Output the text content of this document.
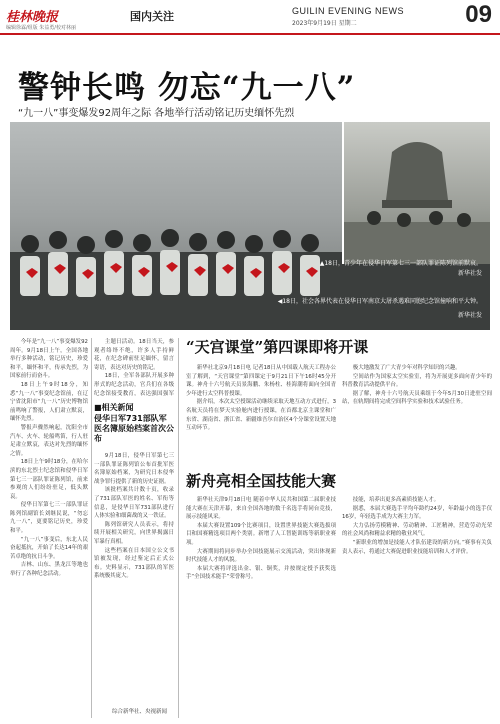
桂林晚报	国内关注	GUILIN EVENING NEWS
2023年9月19日 星期二	09
编辑徐霖/组版 朱益勇/校对林丽
警钟长鸣 勿忘“九一八”
“九一八”事变爆发92周年之际 各地举行活动铭记历史缅怀先烈
▲18日，青少年在侵华日军第七三一部队罪证陈列馆前默哀。
新华社发
◀18日，社会各界代表在侵华日军南京大屠杀遇难同胞纪念馆撞响和平大钟。
新华社发

今年是“九一八”事变爆发92周年。9月18日上午，全国各地举行多种活动，铭记历史，珍爱和平，缅怀和平，传承先烈，为国家前行而奋斗。

18日上午9时18分，知悉“九一八”事变纪念馆前，在辽宁省沈阳市“九一八”历史博物馆前鸣响了警报，人们肃立默哀，缅怀先烈。

警报声骤然响起，沈阳全市汽车、火车、轮船鸣笛，行人驻足肃立默哀，表达对先烈的缅怀之情。

18日上午9时18分，在哈尔滨的东北烈士纪念馆和侵华日军第七三一部队罪证陈列馆，前来参观的人们纷纷驻足，低头默哀。

侵华日军第七三一部队罪证陈列馆副馆长刘继民说，“勿忘九一八”，更要铭记历史，珍爱和平。

“九一八”事变后，东北人民奋起抵抗，开始了长达14年的艰苦卓绝的抗日斗争。

吉林、山东、黑龙江等地也举行了各种纪念活动。

主题日活动。18日当天，参观者络绎不绝，许多人手持鲜花，在纪念碑前驻足缅怀，留言寄语，表达对历史的铭记。

18日，全军各部队开展多种形式的纪念活动，官兵们在各级纪念馆接受教育，表达强国强军

■相关新闻
侵华日军731部队军医名簿原始档案首次公布

9月18日，侵华日军第七三一部队罪证陈列馆公布首批军医名簿原始档案，为研究日本侵华战争罪行提供了新的历史证据。

该批档案共计数十页，收录了731部队军医的姓名、军衔等信息，是侵华日军731部队进行人体实验和细菌战的又一铁证。

陈列馆研究人员表示，将持续开展相关研究，向世界揭露日军暴行真相。

这些档案在日本国立公文书馆被发现，经过鉴定后正式公布。史料显示，731部队的军医系统极其庞大。

综合新华社、央视新闻
“天宫课堂”第四课即将开课

新华社北京9月18日电 记者18日从中国载人航天工程办公室了解到，“天宫课堂”第四课定于9月21日下午16时45分开课。神舟十六号航天员景海鹏、朱杨柱、桂海潮将面向全国青少年进行太空科普授课。

据介绍，本次太空授课活动继续采取天地互动方式进行，3名航天员将在梦天实验舱内进行授课，在首都北京主课堂和广东省、湖南省、浙江省、新疆维吾尔自治区4个分课堂设置天地互动环节。

极大地激发了广大青少年对科学知识的兴趣。

空间站作为国家太空实验室，将为开展更多面向青少年的科普教育活动提供平台。

据了解，神舟十六号航天员乘组于今年5月30日进驻空间站，在轨期间将完成空间科学实验和技术试验任务。

新舟亮相全国技能大赛

新华社天津9月18日电 随着中华人民共和国第二届职业技能大赛在天津开幕，来自全国各地的数千名选手将同台竞技，展示技能风采。

本届大赛设置109个比赛项目，设置世界技能大赛选拔项目和国赛精选项目两个类别。新增了人工智能训练等新职业赛项。

大赛期间将同步举办全国技能展示交流活动，突出体现新时代技能人才的风貌。

本届大赛将评选出金、银、铜奖，并按规定授予获奖选手“全国技术能手”荣誉称号。

技能，培养出更多高素质技能人才。

据悉，本届大赛选手平均年龄约24岁，年龄最小的选手仅16岁，年轻选手成为大赛主力军。

大力弘扬劳模精神、劳动精神、工匠精神，营造劳动光荣的社会风尚和精益求精的敬业风气。

“新职业的增加是技能人才队伍建设的新方向。”赛事有关负责人表示，将通过大赛促进职业技能培训和人才评价。
